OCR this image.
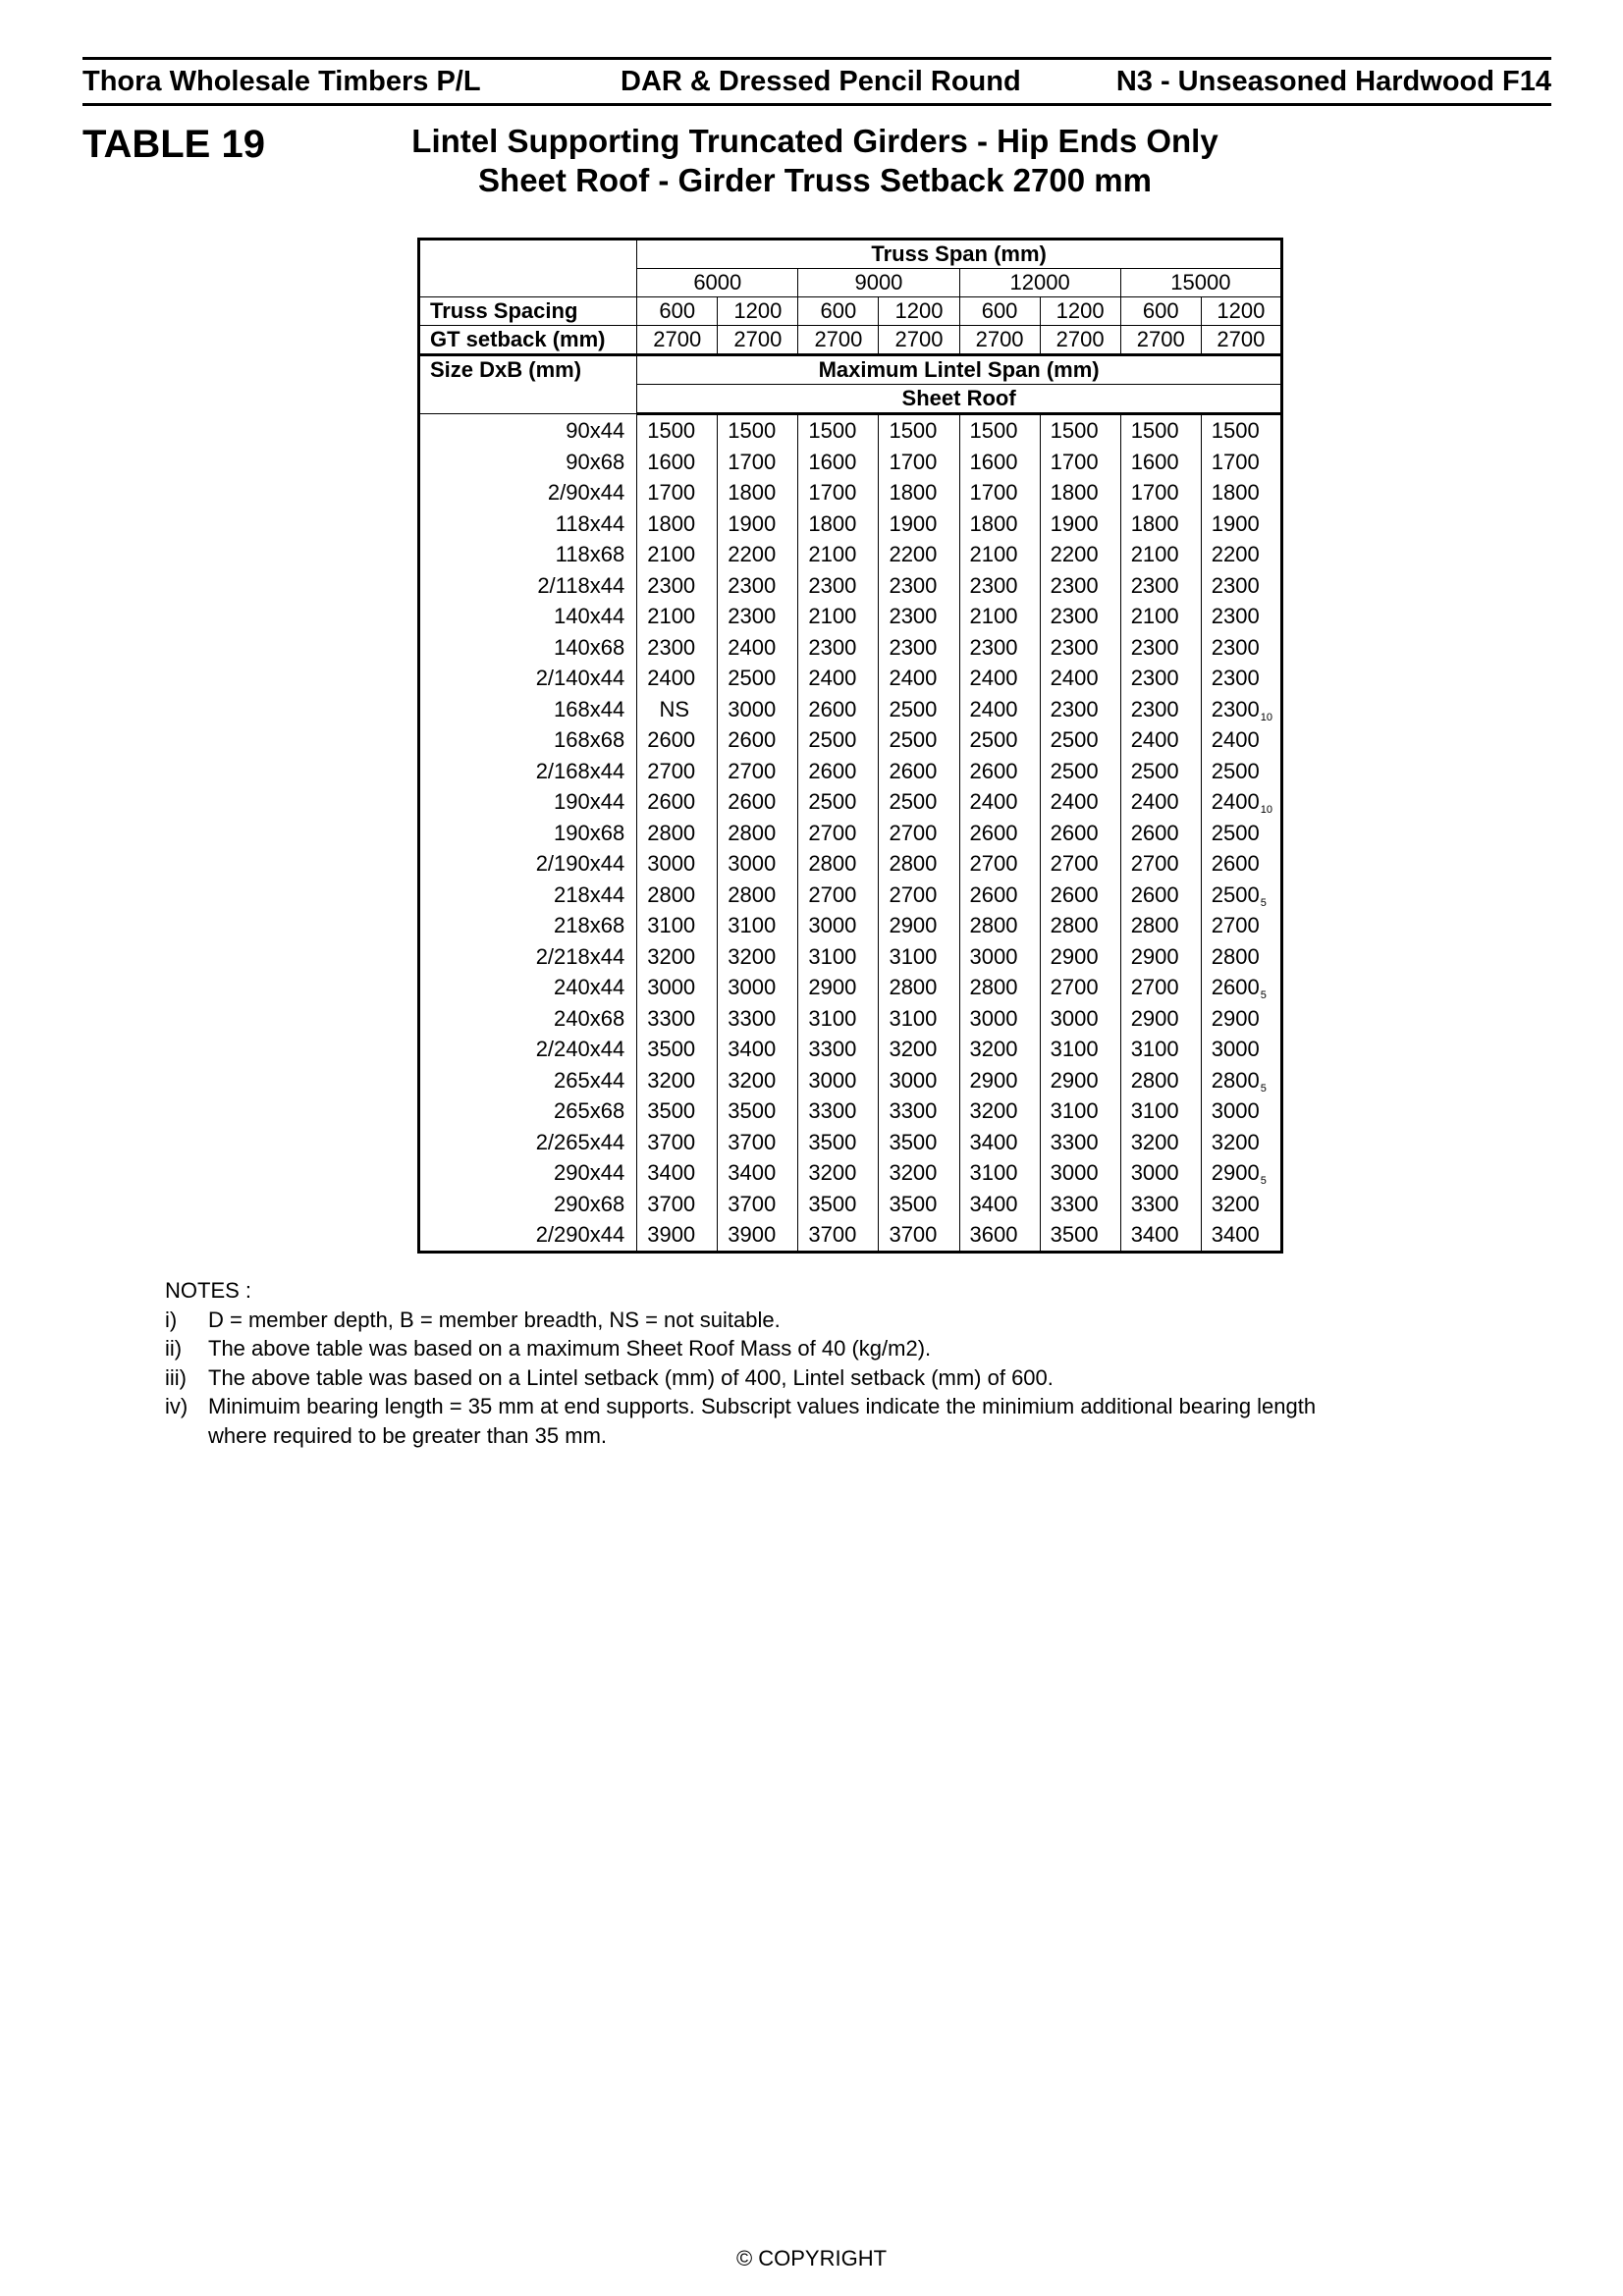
Thora Wholesale Timbers P/L	DAR & Dressed Pencil Round	N3 - Unseasoned Hardwood F14
TABLE 19	Lintel Supporting Truncated Girders - Hip Ends Only
Sheet Roof - Girder Truss Setback 2700 mm
	Truss Span (mm)							
	6000		9000		12000		15000	
Truss Spacing	600	1200	600	1200	600	1200	600	1200
GT setback (mm)	2700	2700	2700	2700	2700	2700	2700	2700
Size DxB (mm)	Maximum Lintel Span (mm)							
	Sheet Roof							
90x44	1500	1500	1500	1500	1500	1500	1500	1500
90x68	1600	1700	1600	1700	1600	1700	1600	1700
2/90x44	1700	1800	1700	1800	1700	1800	1700	1800
118x44	1800	1900	1800	1900	1800	1900	1800	1900
118x68	2100	2200	2100	2200	2100	2200	2100	2200
2/118x44	2300	2300	2300	2300	2300	2300	2300	2300
140x44	2100	2300	2100	2300	2100	2300	2100	2300
140x68	2300	2400	2300	2300	2300	2300	2300	2300
2/140x44	2400	2500	2400	2400	2400	2400	2300	2300
168x44	NS	3000	2600	2500	2400	2300	2300	$2300_{10}$
168x68	2600	2600	2500	2500	2500	2500	2400	2400
2/168x44	2700	2700	2600	2600	2600	2500	2500	2500
190x44	2600	2600	2500	2500	2400	2400	2400	$2400_{10}$
190x68	2800	2800	2700	2700	2600	2600	2600	2500
2/190x44	3000	3000	2800	2800	2700	2700	2700	2600
218x44	2800	2800	2700	2700	2600	2600	2600	$2500_5$
218x68	3100	3100	3000	2900	2800	2800	2800	2700
2/218x44	3200	3200	3100	3100	3000	2900	2900	2800
240x44	3000	3000	2900	2800	2800	2700	2700	$2600_5$
240x68	3300	3300	3100	3100	3000	3000	2900	2900
2/240x44	3500	3400	3300	3200	3200	3100	3100	3000
265x44	3200	3200	3000	3000	2900	2900	2800	$2800_5$
265x68	3500	3500	3300	3300	3200	3100	3100	3000
2/265x44	3700	3700	3500	3500	3400	3300	3200	3200
290x44	3400	3400	3200	3200	3100	3000	3000	$2900_5$
290x68	3700	3700	3500	3500	3400	3300	3300	3200
2/290x44	3900	3900	3700	3700	3600	3500	3400	3400
NOTES :
i)	D = member depth, B = member breadth, NS = not suitable.
ii)	The above table was based on a maximum Sheet Roof Mass of 40 (kg/m2).
iii)	The above table was based on a Lintel setback (mm) of 400, Lintel setback (mm) of 600.
iv) Minimuim bearing length = 35 mm at end supports. Subscript values indicate the minimium additional bearing length where required to be greater than 35 mm.
© COPYRIGHT
